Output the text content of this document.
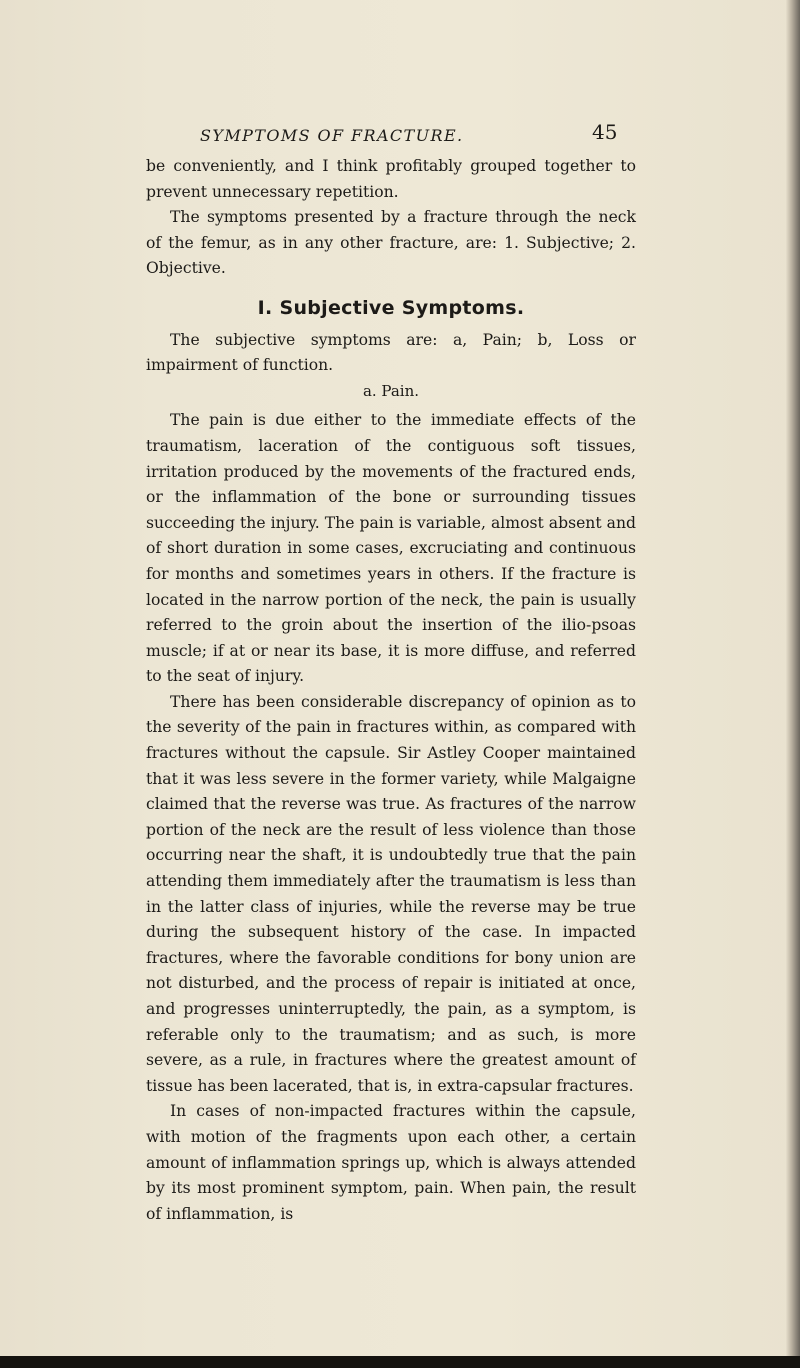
SYMPTOMS OF FRACTURE.	45

be conveniently, and I think profitably grouped together to prevent unnecessary repetition.

The symptoms presented by a fracture through the neck of the femur, as in any other fracture, are: 1. Subjective; 2. Objective.

I. Subjective Symptoms.

The subjective symptoms are: a, Pain; b, Loss or impairment of function.

a. Pain.

The pain is due either to the immediate effects of the traumatism, laceration of the contiguous soft tissues, irritation produced by the movements of the fractured ends, or the inflammation of the bone or surrounding tissues succeeding the injury. The pain is variable, almost absent and of short duration in some cases, excruciating and continuous for months and sometimes years in others. If the fracture is located in the narrow portion of the neck, the pain is usually referred to the groin about the insertion of the ilio-psoas muscle; if at or near its base, it is more diffuse, and referred to the seat of injury.

There has been considerable discrepancy of opinion as to the severity of the pain in fractures within, as compared with fractures without the capsule. Sir Astley Cooper maintained that it was less severe in the former variety, while Malgaigne claimed that the reverse was true. As fractures of the narrow portion of the neck are the result of less violence than those occurring near the shaft, it is undoubtedly true that the pain attending them immediately after the traumatism is less than in the latter class of injuries, while the reverse may be true during the subsequent history of the case. In impacted fractures, where the favorable conditions for bony union are not disturbed, and the process of repair is initiated at once, and progresses uninterruptedly, the pain, as a symptom, is referable only to the traumatism; and as such, is more severe, as a rule, in fractures where the greatest amount of tissue has been lacerated, that is, in extra-capsular fractures.

In cases of non-impacted fractures within the capsule, with motion of the fragments upon each other, a certain amount of inflammation springs up, which is always attended by its most prominent symptom, pain. When pain, the result of inflammation, is
